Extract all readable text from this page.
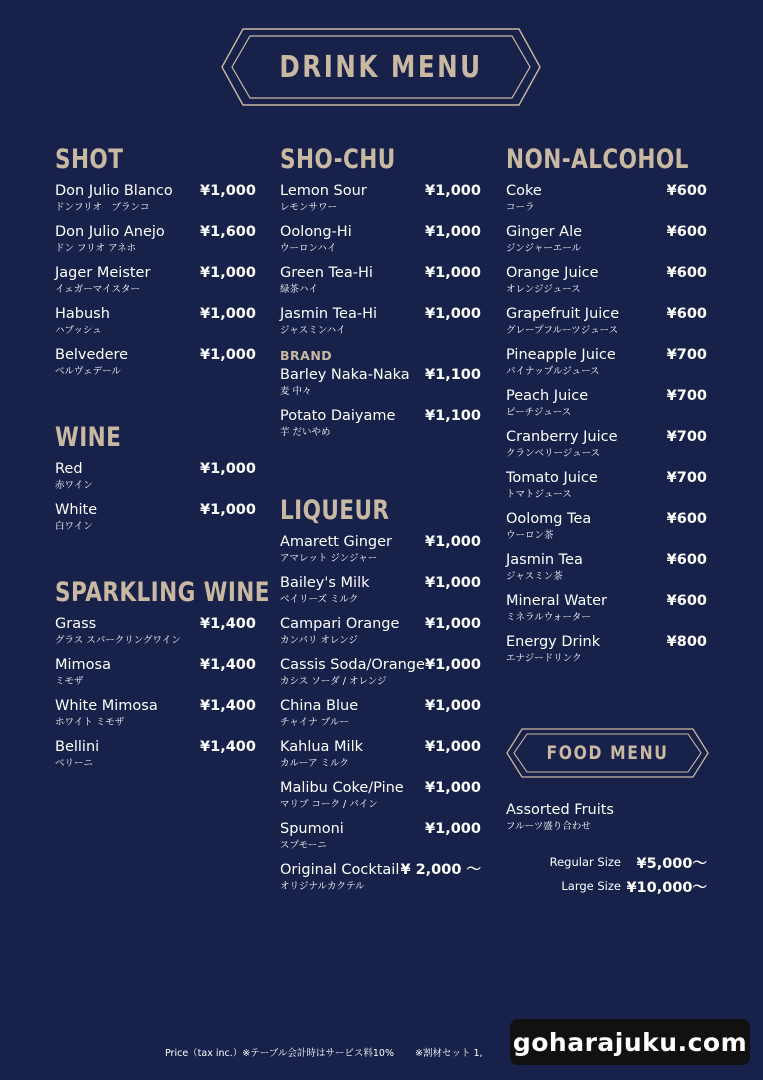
DRINK MENU
SHOT
Don Julio Blanco ¥1,000
ドンフリオ　ブランコ
Don Julio Anejo ¥1,600
ドン フリオ アネホ
Jager Meister	¥1,000
イェガーマイスター
Habush	¥1,000
ハブッシュ
Belvedere	¥1,000
ベルヴェデール
WINE
Red	¥1,000
赤ワイン
White	¥1,000
白ワイン
SPARKLING WINE
Grass	¥1,400
グラス スパークリングワイン
Mimosa	¥1,400
ミモザ
White Mimosa	¥1,400
ホワイト ミモザ
Bellini	¥1,400
ベリーニ
SHO-CHU
Lemon Sour	¥1,000
レモンサワー
Oolong-Hi	¥1,000
ウーロンハイ
Green Tea-Hi	¥1,000
緑茶ハイ
Jasmin Tea-Hi	¥1,000
ジャスミンハイ
BRAND
Barley Naka-Naka ¥1,100
麦 中々
Potato Daiyame ¥1,100
芋 だいやめ
LIQUEUR
Amarett Ginger ¥1,000
アマレット ジンジャー
Bailey's Milk	¥1,000
ベイリーズ ミルク
Campari Orange ¥1,000
カンパリ オレンジ
Cassis Soda/Orange ¥1,000
カシス ソーダ / オレンジ
China Blue	¥1,000
チャイナ ブルー
Kahlua Milk	¥1,000
カルーア ミルク
Malibu Coke/Pine ¥1,000
マリブ コーク / パイン
Spumoni	¥1,000
スプモーニ
Original Cocktail ¥ 2,000 〜
オリジナルカクテル
NON-ALCOHOL
Coke	¥600
コーラ
Ginger Ale	¥600
ジンジャーエール
Orange Juice	¥600
オレンジジュース
Grapefruit Juice	¥600
グレープフルーツジュース
Pineapple Juice	¥700
パイナップルジュース
Peach Juice	¥700
ピーチジュース
Cranberry Juice	¥700
クランベリージュース
Tomato Juice	¥700
トマトジュース
Oolomg Tea	¥600
ウーロン茶
Jasmin Tea	¥600
ジャスミン茶
Mineral Water	¥600
ミネラルウォーター
Energy Drink	¥800
エナジードリンク
FOOD MENU
Assorted Fruits
フルーツ盛り合わせ
Regular Size ¥5,000〜
Large Size ¥10,000〜
Price（tax inc.）※テーブル会計時はサービス料10% ※割材セット 1, goharajuku.com
